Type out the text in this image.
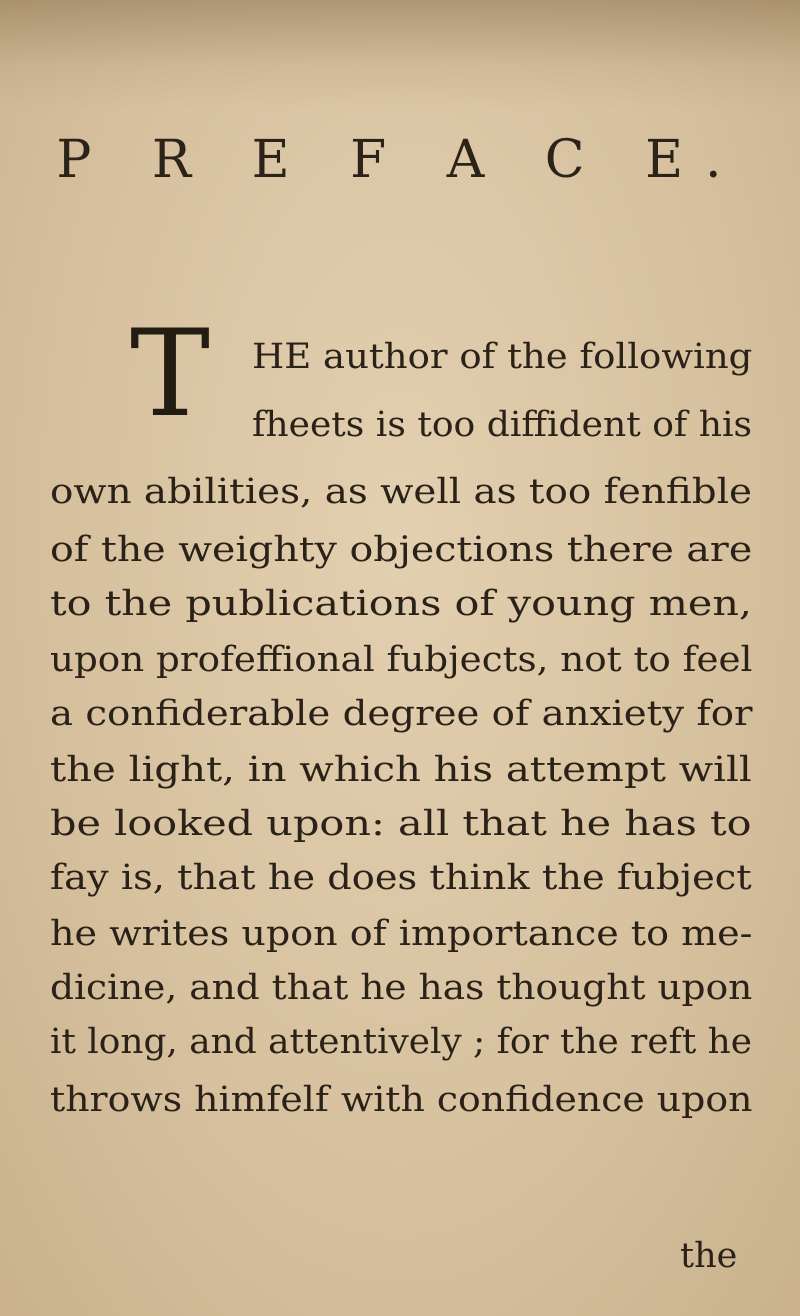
P R E F A C E.
T HE author of the following
fheets is too diffident of his
own abilities, as well as too fenfible
of the weighty objections there are
to the publications of young men,
upon profeffional fubjects, not to feel
a confiderable degree of anxiety for
the light, in which his attempt will
be looked upon: all that he has to
fay is, that he does think the fubject
he writes upon of importance to me-
dicine, and that he has thought upon
it long, and attentively ; for the reft he
throws himfelf with confidence upon
the
